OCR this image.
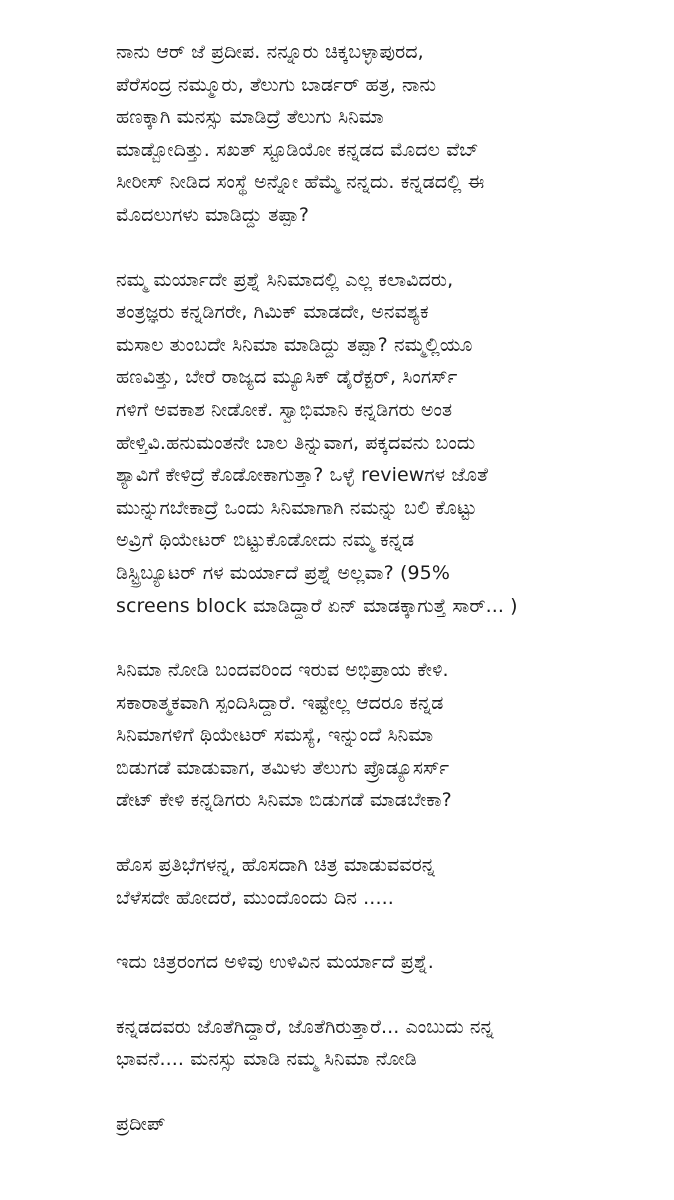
ನಾನು ಆರ್ ಜೆ ಪ್ರದೀಪ. ನನ್ನೂರು ಚಿಕ್ಕಬಳ್ಳಾಪುರದ,
ಪೆರೆಸಂದ್ರ ನಮ್ಮೂರು, ತೆಲುಗು ಬಾರ್ಡರ್ ಹತ್ರ, ನಾನು
ಹಣಕ್ಕಾಗಿ ಮನಸ್ಸು ಮಾಡಿದ್ರೆ ತೆಲುಗು ಸಿನಿಮಾ
ಮಾಡ್ಬೋದಿತ್ತು. ಸಖತ್ ಸ್ಟೂಡಿಯೋ ಕನ್ನಡದ ಮೊದಲ ವೆಬ್
ಸೀರೀಸ್ ನೀಡಿದ ಸಂಸ್ಥೆ ಅನ್ನೋ ಹೆಮ್ಮೆ ನನ್ನದು. ಕನ್ನಡದಲ್ಲಿ ಈ
ಮೊದಲುಗಳು ಮಾಡಿದ್ದು ತಪ್ಪಾ?
ನಮ್ಮ ಮರ್ಯಾದೇ ಪ್ರಶ್ನೆ ಸಿನಿಮಾದಲ್ಲಿ ಎಲ್ಲ ಕಲಾವಿದರು,
ತಂತ್ರಜ್ಞರು ಕನ್ನಡಿಗರೇ, ಗಿಮಿಕ್ ಮಾಡದೇ, ಅನವಶ್ಯಕ
ಮಸಾಲ ತುಂಬದೇ ಸಿನಿಮಾ ಮಾಡಿದ್ದು ತಪ್ಪಾ? ನಮ್ಮಲ್ಲಿಯೂ
ಹಣವಿತ್ತು, ಬೇರೆ ರಾಜ್ಯದ ಮ್ಯೂಸಿಕ್ ಡೈರೆಕ್ಟರ್, ಸಿಂಗರ್ಸ್
ಗಳಿಗೆ ಅವಕಾಶ ನೀಡೋಕೆ. ಸ್ವಾಭಿಮಾನಿ ಕನ್ನಡಿಗರು ಅಂತ
ಹೇಳ್ತಿವಿ.ಹನುಮಂತನೇ ಬಾಲ ತಿನ್ನುವಾಗ, ಪಕ್ಕದವನು ಬಂದು
ಶ್ಯಾವಿಗೆ ಕೇಳಿದ್ರೆ ಕೊಡೋಕಾಗುತ್ತಾ? ಒಳ್ಳೆ reviewಗಳ ಜೊತೆ
ಮುನ್ನುಗಬೇಕಾದ್ರೆ ಒಂದು ಸಿನಿಮಾಗಾಗಿ ನಮನ್ನು ಬಲಿ ಕೊಟ್ಟು
ಅವ್ರಿಗೆ ಥಿಯೇಟರ್ ಬಿಟ್ಟುಕೊಡೋದು ನಮ್ಮ ಕನ್ನಡ
ಡಿಸ್ಟ್ರಿಬ್ಯೂಟರ್ ಗಳ ಮರ್ಯಾದೆ ಪ್ರಶ್ನೆ ಅಲ್ಲವಾ? (95%
screens block ಮಾಡಿದ್ದಾರೆ ಏನ್ ಮಾಡಕ್ಕಾಗುತ್ತೆ ಸಾರ್... )
ಸಿನಿಮಾ ನೋಡಿ ಬಂದವರಿಂದ ಇರುವ ಅಭಿಪ್ರಾಯ ಕೇಳಿ.
ಸಕಾರಾತ್ಮಕವಾಗಿ ಸ್ಪಂದಿಸಿದ್ದಾರೆ. ಇಷ್ಟೇಲ್ಲ ಆದರೂ ಕನ್ನಡ
ಸಿನಿಮಾಗಳಿಗೆ ಥಿಯೇಟರ್ ಸಮಸ್ಯೆ, ಇನ್ನುಂದೆ ಸಿನಿಮಾ
ಬಿಡುಗಡೆ ಮಾಡುವಾಗ, ತಮಿಳು ತೆಲುಗು ಪ್ರೊಡ್ಯೂಸರ್ಸ್
ಡೇಟ್ ಕೇಳಿ ಕನ್ನಡಿಗರು ಸಿನಿಮಾ ಬಿಡುಗಡೆ ಮಾಡಬೇಕಾ?
ಹೊಸ ಪ್ರತಿಭೆಗಳನ್ನ, ಹೊಸದಾಗಿ ಚಿತ್ರ ಮಾಡುವವರನ್ನ
ಬೆಳೆಸದೇ ಹೋದರೆ, ಮುಂದೊಂದು ದಿನ .....
ಇದು ಚಿತ್ರರಂಗದ ಅಳಿವು ಉಳಿವಿನ ಮರ್ಯಾದೆ ಪ್ರಶ್ನೆ.
ಕನ್ನಡದವರು ಜೊತೆಗಿದ್ದಾರೆ, ಜೊತೆಗಿರುತ್ತಾರೆ... ಎಂಬುದು ನನ್ನ
ಭಾವನೆ.... ಮನಸ್ಸು ಮಾಡಿ ನಮ್ಮ ಸಿನಿಮಾ ನೋಡಿ
ಪ್ರದೀಪ್
